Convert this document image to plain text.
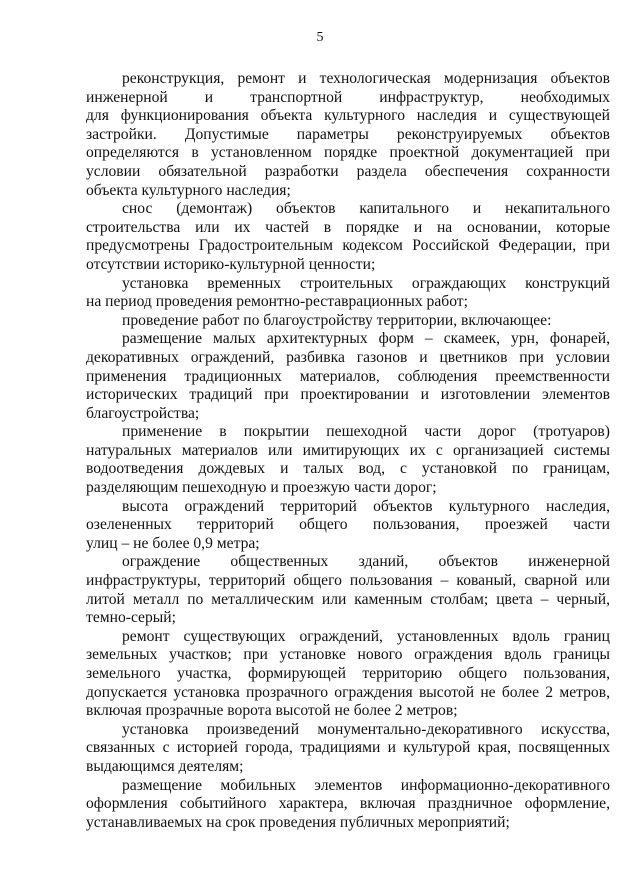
5
реконструкция, ремонт и технологическая модернизация объектов
инженерной и транспортной инфраструктур, необходимых
для функционирования объекта культурного наследия и существующей
застройки. Допустимые параметры реконструируемых объектов
определяются в установленном порядке проектной документацией при
условии обязательной разработки раздела обеспечения сохранности
объекта культурного наследия;
снос (демонтаж) объектов капитального и некапитального
строительства или их частей в порядке и на основании, которые
предусмотрены Градостроительным кодексом Российской Федерации, при
отсутствии историко-культурной ценности;
установка временных строительных ограждающих конструкций
на период проведения ремонтно-реставрационных работ;
проведение работ по благоустройству территории, включающее:
размещение малых архитектурных форм – скамеек, урн, фонарей,
декоративных ограждений, разбивка газонов и цветников при условии
применения традиционных материалов, соблюдения преемственности
исторических традиций при проектировании и изготовлении элементов
благоустройства;
применение в покрытии пешеходной части дорог (тротуаров)
натуральных материалов или имитирующих их с организацией системы
водоотведения дождевых и талых вод, с установкой по границам,
разделяющим пешеходную и проезжую части дорог;
высота ограждений территорий объектов культурного наследия,
озелененных территорий общего пользования, проезжей части
улиц – не более 0,9 метра;
ограждение общественных зданий, объектов инженерной
инфраструктуры, территорий общего пользования – кованый, сварной или
литой металл по металлическим или каменным столбам; цвета – черный,
темно-серый;
ремонт существующих ограждений, установленных вдоль границ
земельных участков; при установке нового ограждения вдоль границы
земельного участка, формирующей территорию общего пользования,
допускается установка прозрачного ограждения высотой не более 2 метров,
включая прозрачные ворота высотой не более 2 метров;
установка произведений монументально-декоративного искусства,
связанных с историей города, традициями и культурой края, посвященных
выдающимся деятелям;
размещение мобильных элементов информационно-декоративного
оформления событийного характера, включая праздничное оформление,
устанавливаемых на срок проведения публичных мероприятий;
